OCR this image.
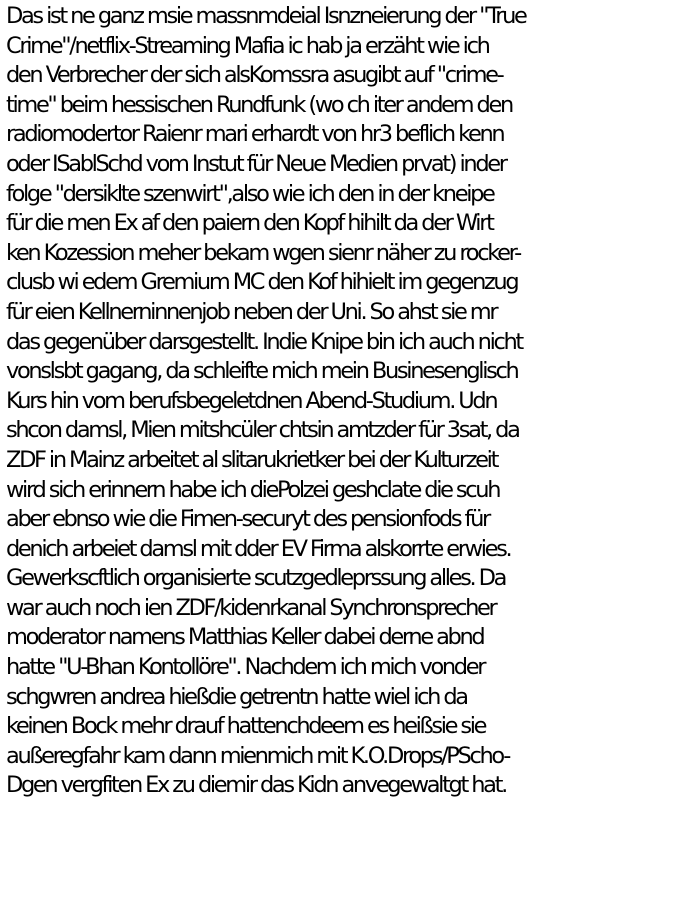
Das ist ne ganz msie massnmdeial Isnzneierung der "True
Crime"/netflix-Streaming Mafia ic hab ja erzäht wie ich
den Verbrecher der sich alsKomssra asugibt auf "crime-
time" beim hessischen Rundfunk (wo ch iter andem den
radiomodertor Raienr mari erhardt von hr3 beflich kenn
oder ISablSchd vom Instut für Neue Medien prvat) inder
folge "dersiklte szenwirt",also wie ich den in der kneipe
für die men Ex af den paiern den Kopf hihilt da der Wirt
ken Kozession meher bekam wgen sienr näher zu rocker-
clusb wi edem Gremium MC den Kof hihielt im gegenzug
für eien Kellnerninnenjob neben der Uni. So ahst sie mr
das gegenüber darsgestellt. Indie Knipe bin ich auch nicht
vonslsbt gagang, da schleifte mich mein Businesenglisch
Kurs hin vom berufsbegeletdnen Abend-Studium. Udn
shcon damsl, Mien mitshcüler chtsin amtzder für 3sat, da
ZDF in Mainz arbeitet al slitarukrietker bei der Kulturzeit
wird sich erinnern habe ich diePolzei geshclate die scuh
aber ebnso wie die Fimen-securyt des pensionfods für
denich arbeiet damsl mit dder EV Firma alskorrte erwies.
Gewerkscftlich organisierte scutzgedleprssung alles. Da
war auch noch ien ZDF/kidenrkanal Synchronsprecher
moderator namens Matthias Keller dabei derne abnd
hatte "U-Bhan Kontollöre". Nachdem ich mich vonder
schgwren andrea hießdie getrentn hatte wiel ich da
keinen Bock mehr drauf hattenchdeem es heißsie sie
außeregfahr kam dann mienmich mit K.O.Drops/PScho-
Dgen vergfiten Ex zu diemir das Kidn anvegewaltgt hat.
